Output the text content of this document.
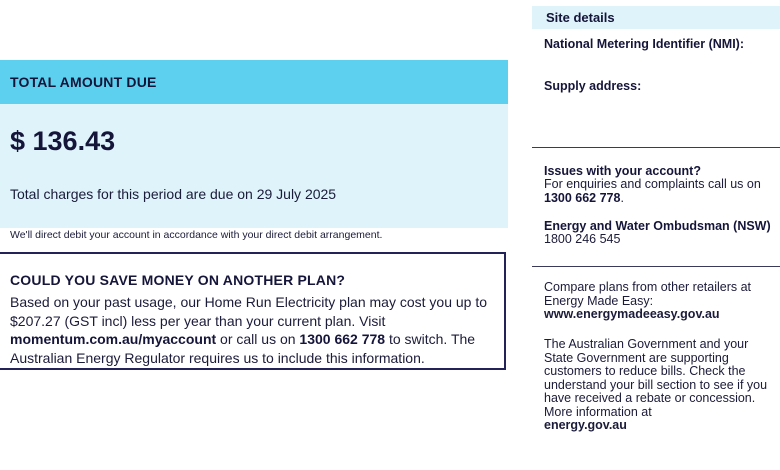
TOTAL AMOUNT DUE
$ 136.43
Total charges for this period are due on 29 July 2025
We'll direct debit your account in accordance with your direct debit arrangement.
COULD YOU SAVE MONEY ON ANOTHER PLAN?
Based on your past usage, our Home Run Electricity plan may cost you up to $207.27 (GST incl) less per year than your current plan. Visit momentum.com.au/myaccount or call us on 1300 662 778 to switch. The Australian Energy Regulator requires us to include this information.
Site details
National Metering Identifier (NMI):
Supply address:
Issues with your account?
For enquiries and complaints call us on 1300 662 778.
Energy and Water Ombudsman (NSW)
1800 246 545
Compare plans from other retailers at Energy Made Easy:
www.energymadeeasy.gov.au
The Australian Government and your State Government are supporting customers to reduce bills. Check the understand your bill section to see if you have received a rebate or concession. More information at
energy.gov.au
